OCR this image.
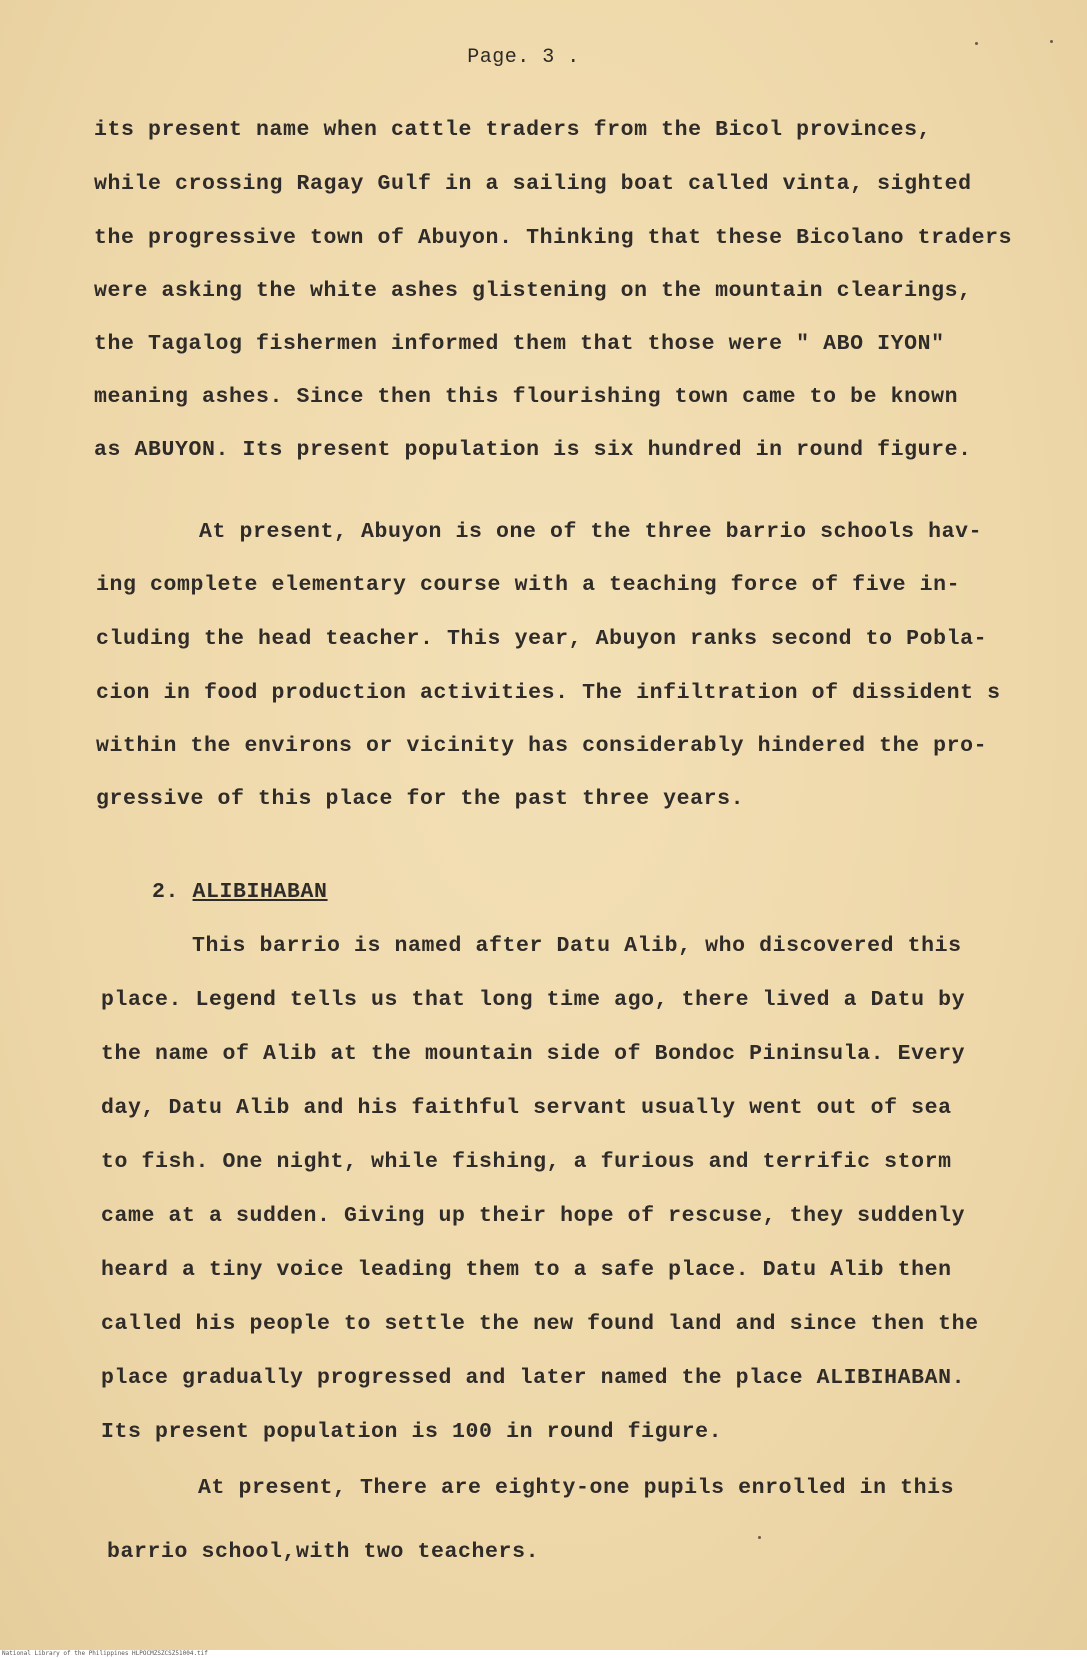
Page. 3 .
its present name when cattle traders from the Bicol provinces,
while crossing Ragay Gulf in a sailing boat called vinta, sighted
the progressive town of Abuyon. Thinking that these Bicolano traders
were asking the white ashes glistening on the mountain clearings,
the Tagalog fishermen informed them that those were " ABO IYON"
meaning ashes. Since then this flourishing town came to be known
as ABUYON. Its present population is six hundred in round figure.
At present, Abuyon is one of the three barrio schools hav-
ing complete elementary course with a teaching force of five in-
cluding the head teacher. This year, Abuyon ranks second to Pobla-
cion in food production activities. The infiltration of dissident s
within the environs or vicinity has considerably hindered the pro-
gressive of this place for the past three years.
2. ALIBIHABAN
This barrio is named after Datu Alib, who discovered this
place. Legend tells us that long time ago, there lived a Datu by
the name of Alib at the mountain side of Bondoc Pininsula. Every
day, Datu Alib and his faithful servant usually went out of sea
to fish. One night, while fishing, a furious and terrific storm
came at a sudden. Giving up their hope of rescuse, they suddenly
heard a tiny voice leading them to a safe place. Datu Alib then
called his people to settle the new found land and since then the
place gradually progressed and later named the place ALIBIHABAN.
Its present population is 100 in round figure.
At present, There are eighty-one pupils enrolled in this
barrio school,with two teachers.
National Library of the Philippines HLPOCMZSZCSZ51004.tif
